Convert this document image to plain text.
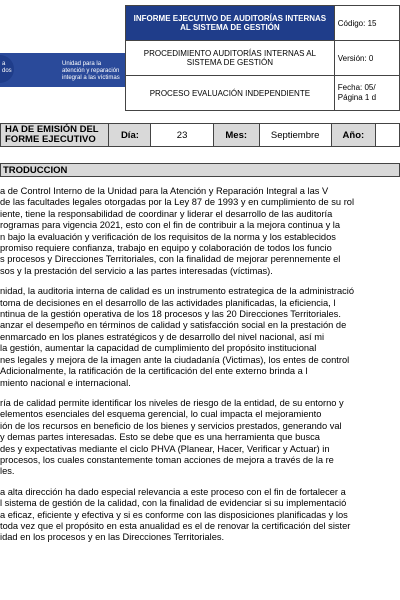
a
dos
Unidad para la atención y reparación integral a las víctimas
INFORME EJECUTIVO DE AUDITORÍAS INTERNAS AL SISTEMA DE GESTIÓN	Código: 15
PROCEDIMIENTO AUDITORÍAS INTERNAS AL SISTEMA DE GESTIÓN	Versión: 0
PROCESO EVALUACIÓN INDEPENDIENTE	Fecha: 05/
Página 1 d
HA DE EMISIÓN DEL FORME EJECUTIVO	Día:	23	Mes:	Septiembre	Año:	
TRODUCCION

a de Control Interno de la Unidad para la Atención y Reparación Integral a las V
de las facultades legales otorgadas por la Ley 87 de 1993 y en cumplimiento de su rol
iente, tiene la responsabilidad de coordinar y liderar el desarrollo de las auditoría
rogramas para vigencia 2021, esto con el fin de contribuir a la mejora continua y la
n bajo la evaluación y verificación de los requisitos de la norma y los establecidos
promiso requiere confianza, trabajo en equipo y colaboración de todos los funcio
s procesos y Direcciones Territoriales, con la finalidad de mejorar perennemente el
sos y la prestación del servicio a las partes interesadas (víctimas).

nidad, la auditoria interna de calidad es un instrumento estrategica de la administració
toma de decisiones en el desarrollo de las actividades planificadas, la eficiencia, l
ntinua de la gestión operativa de los 18 procesos y las 20 Direcciones Territoriales.
anzar el desempeño en términos de calidad y satisfacción social en la prestación de
enmarcado en los planes estratégicos y de desarrollo del nivel nacional, así mi
la gestión, aumentar la capacidad de cumplimiento del propósito institucional
nes legales y mejora de la imagen ante la ciudadanía (Victimas), los entes de control
Adicionalmente, la ratificación de la certificación del ente externo brinda a l
miento nacional e internacional.

ría de calidad permite identificar los niveles de riesgo de la entidad, de su entorno y
elementos esenciales del esquema gerencial, lo cual impacta el mejoramiento
ión de los recursos en beneficio de los bienes y servicios prestados, generando val
y demas partes interesadas. Esto se debe que es una herramienta que busca
des y expectativas mediante el ciclo PHVA (Planear, Hacer, Verificar y Actuar) in
procesos, los cuales constantemente toman acciones de mejora a través de la re
les.

a alta dirección ha dado especial relevancia a este proceso con el fin de fortalecer a
l sistema de gestión de la calidad, con la finalidad de evidenciar si su implementació
a eficaz, eficiente y efectiva y si es conforme con las disposiciones planificadas y los
toda vez que el propósito en esta anualidad es el de renovar la certificación del sister
idad en los procesos y en las Direcciones Territoriales.
